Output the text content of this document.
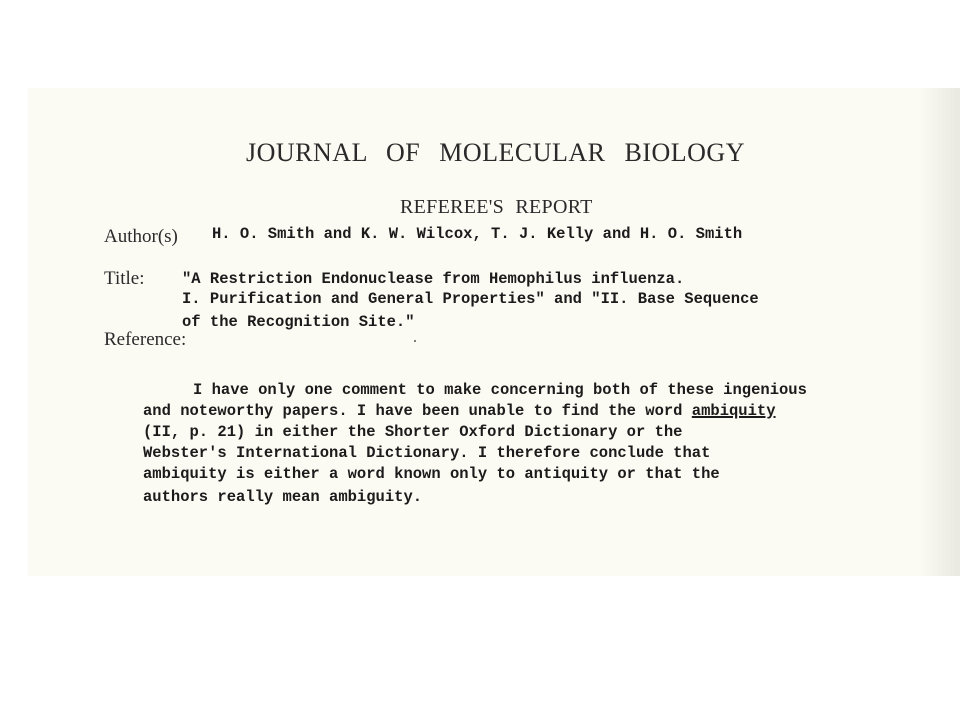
JOURNAL OF MOLECULAR BIOLOGY
REFEREE'S REPORT
Author(s) H. O. Smith and K. W. Wilcox, T. J. Kelly and H. O. Smith
Title: "A Restriction Endonuclease from Hemophilus influenza.
I. Purification and General Properties" and "II. Base Sequence
of the Recognition Site."
Reference:
I have only one comment to make concerning both of these ingenious
and noteworthy papers. I have been unable to find the word ambiquity
(II, p. 21) in either the Shorter Oxford Dictionary or the
Webster's International Dictionary. I therefore conclude that
ambiquity is either a word known only to antiquity or that the
authors really mean ambiguity.
